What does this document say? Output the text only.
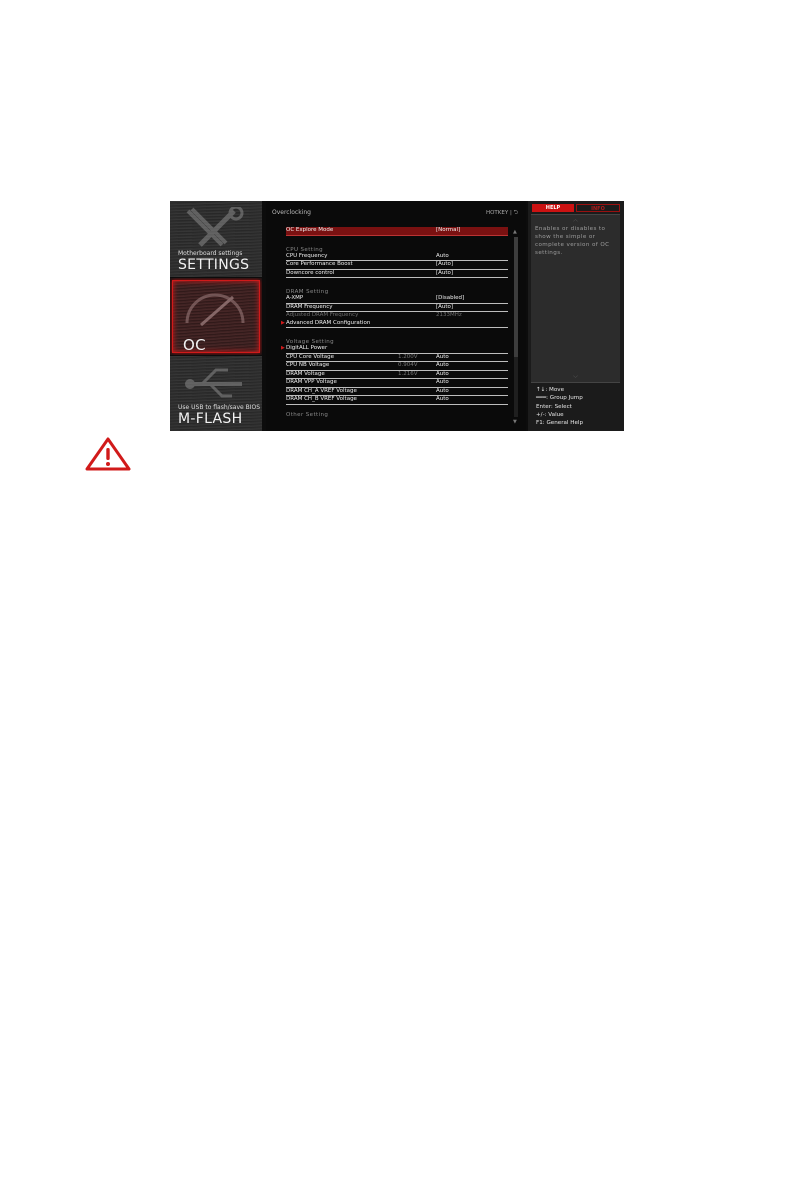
Motherboard settings
SETTINGS
OC
Use USB to flash/save BIOS
M-FLASH
Overclocking	HOTKEY | ⮌
OC Explore Mode	[Normal]
CPU Setting
CPU Frequency	Auto
Core Performance Boost	[Auto]
Downcore control	[Auto]
DRAM Setting
A-XMP	[Disabled]
DRAM Frequency	[Auto]
Adjusted DRAM Frequency	2133MHz
▶ Advanced DRAM Configuration
Voltage Setting
▶ DigitALL Power
CPU Core Voltage	1.200V	Auto
CPU NB Voltage	0.904V	Auto
DRAM Voltage	1.216V	Auto
DRAM VPP Voltage	Auto
DRAM CH_A VREF Voltage	Auto
DRAM CH_B VREF Voltage	Auto
Other Setting
▲
▼
HELP	INFO
︿
Enables or disables to show the simple or complete version of OC settings.
﹀
↑↓: Move
━━━: Group Jump
Enter: Select
+/-: Value
F1: General Help
